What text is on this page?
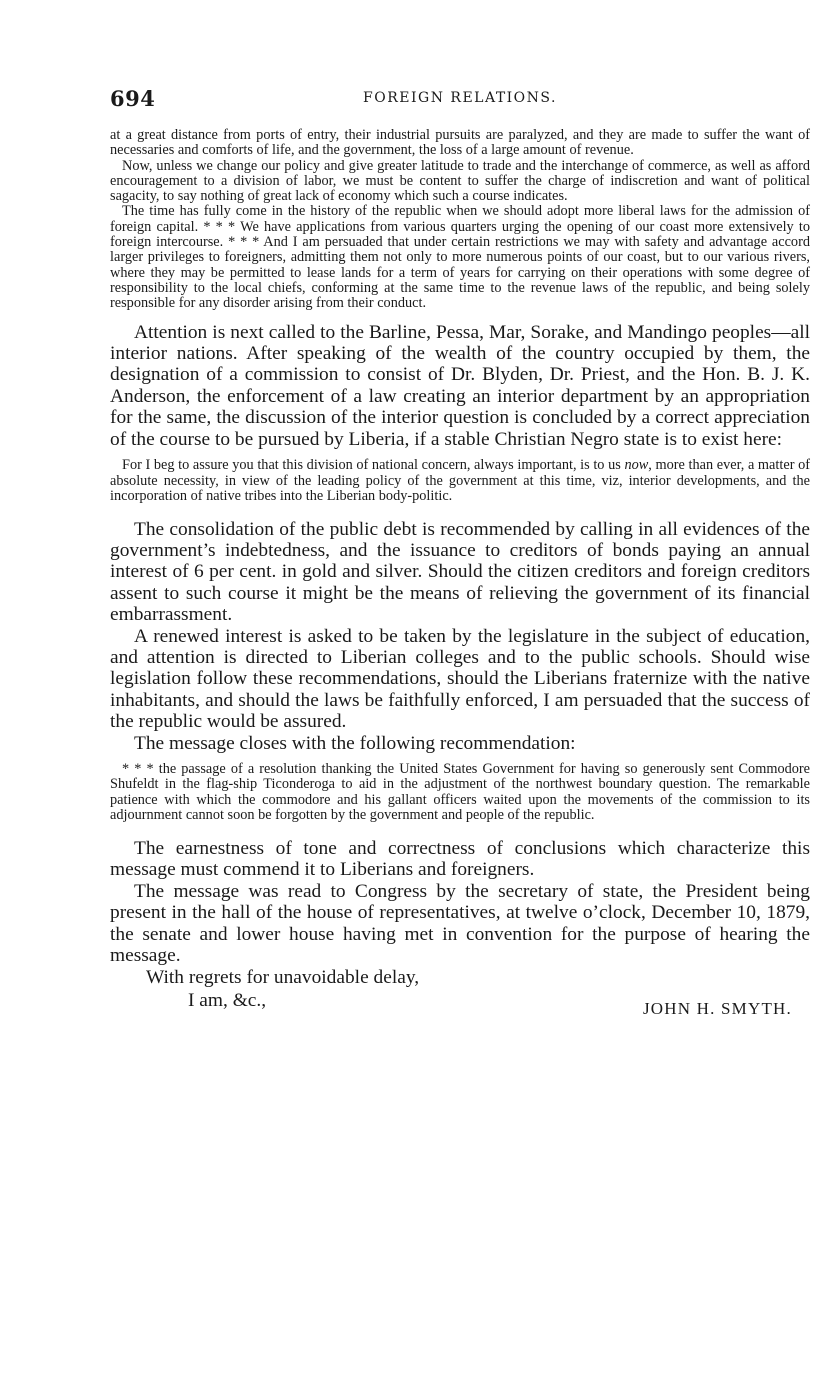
694	FOREIGN RELATIONS.

at a great distance from ports of entry, their industrial pursuits are paralyzed, and they are made to suffer the want of necessaries and comforts of life, and the government, the loss of a large amount of revenue.

Now, unless we change our policy and give greater latitude to trade and the interchange of commerce, as well as afford encouragement to a division of labor, we must be content to suffer the charge of indiscretion and want of political sagacity, to say nothing of great lack of economy which such a course indicates.

The time has fully come in the history of the republic when we should adopt more liberal laws for the admission of foreign capital. * * * We have applications from various quarters urging the opening of our coast more extensively to foreign intercourse. * * * And I am persuaded that under certain restrictions we may with safety and advantage accord larger privileges to foreigners, admitting them not only to more numerous points of our coast, but to our various rivers, where they may be permitted to lease lands for a term of years for carrying on their operations with some degree of responsibility to the local chiefs, conforming at the same time to the revenue laws of the republic, and being solely responsible for any disorder arising from their conduct.

Attention is next called to the Barline, Pessa, Mar, Sorake, and Mandingo peoples—all interior nations. After speaking of the wealth of the country occupied by them, the designation of a commission to consist of Dr. Blyden, Dr. Priest, and the Hon. B. J. K. Anderson, the enforcement of a law creating an interior department by an appropriation for the same, the discussion of the interior question is concluded by a correct appreciation of the course to be pursued by Liberia, if a stable Christian Negro state is to exist here:

For I beg to assure you that this division of national concern, always important, is to us now, more than ever, a matter of absolute necessity, in view of the leading policy of the government at this time, viz, interior developments, and the incorporation of native tribes into the Liberian body-politic.

The consolidation of the public debt is recommended by calling in all evidences of the government’s indebtedness, and the issuance to creditors of bonds paying an annual interest of 6 per cent. in gold and silver. Should the citizen creditors and foreign creditors assent to such course it might be the means of relieving the government of its financial embarrassment.

A renewed interest is asked to be taken by the legislature in the subject of education, and attention is directed to Liberian colleges and to the public schools. Should wise legislation follow these recommendations, should the Liberians fraternize with the native inhabitants, and should the laws be faithfully enforced, I am persuaded that the success of the republic would be assured.

The message closes with the following recommendation:

* * * the passage of a resolution thanking the United States Government for having so generously sent Commodore Shufeldt in the flag-ship Ticonderoga to aid in the adjustment of the northwest boundary question. The remarkable patience with which the commodore and his gallant officers waited upon the movements of the commission to its adjournment cannot soon be forgotten by the government and people of the republic.

The earnestness of tone and correctness of conclusions which characterize this message must commend it to Liberians and foreigners.

The message was read to Congress by the secretary of state, the President being present in the hall of the house of representatives, at twelve o’clock, December 10, 1879, the senate and lower house having met in convention for the purpose of hearing the message.

With regrets for unavoidable delay,

I am, &c.,	JOHN H. SMYTH.
